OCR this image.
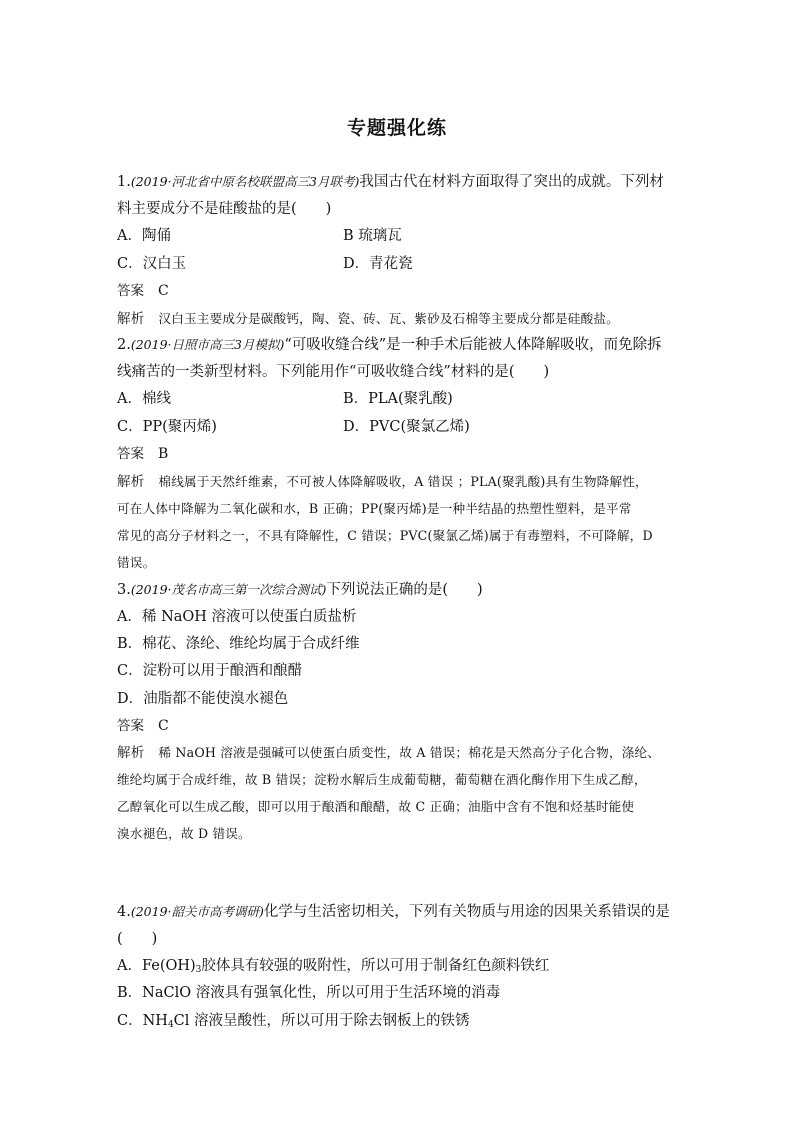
专题强化练
1.(2019·河北省中原名校联盟高三3月联考)我国古代在材料方面取得了突出的成就。下列材
料主要成分不是硅酸盐的是(　　)
A．陶俑	B 琉璃瓦
C．汉白玉	D．青花瓷
答案 C
解析 汉白玉主要成分是碳酸钙，陶、瓷、砖、瓦、紫砂及石棉等主要成分都是硅酸盐。
2.(2019·日照市高三3月模拟)“可吸收缝合线”是一种手术后能被人体降解吸收，而免除拆
线痛苦的一类新型材料。下列能用作“可吸收缝合线”材料的是(　　)
A．棉线	B．PLA(聚乳酸)
C．PP(聚丙烯)	D．PVC(聚氯乙烯)
答案 B
解析 棉线属于天然纤维素，不可被人体降解吸收，A 错误 ；PLA(聚乳酸)具有生物降解性，
可在人体中降解为二氧化碳和水，B 正确；PP(聚丙烯)是一种半结晶的热塑性塑料，是平常
常见的高分子材料之一，不具有降解性，C 错误；PVC(聚氯乙烯)属于有毒塑料，不可降解，D
错误。
3.(2019·茂名市高三第一次综合测试)下列说法正确的是(　　)
A．稀 NaOH 溶液可以使蛋白质盐析
B．棉花、涤纶、维纶均属于合成纤维
C．淀粉可以用于酿酒和酿醋
D．油脂都不能使溴水褪色
答案 C
解析 稀 NaOH 溶液是强碱可以使蛋白质变性，故 A 错误；棉花是天然高分子化合物，涤纶、
维纶均属于合成纤维，故 B 错误；淀粉水解后生成葡萄糖，葡萄糖在酒化酶作用下生成乙醇，
乙醇氧化可以生成乙酸，即可以用于酿酒和酿醋，故 C 正确；油脂中含有不饱和烃基时能使
溴水褪色，故 D 错误。
4.(2019·韶关市高考调研)化学与生活密切相关，下列有关物质与用途的因果关系错误的是
(　　)
A．$Fe(OH)_3$胶体具有较强的吸附性，所以可用于制备红色颜料铁红
B．NaClO 溶液具有强氧化性，所以可用于生活环境的消毒
C．$NH_4Cl$ 溶液呈酸性，所以可用于除去钢板上的铁锈
